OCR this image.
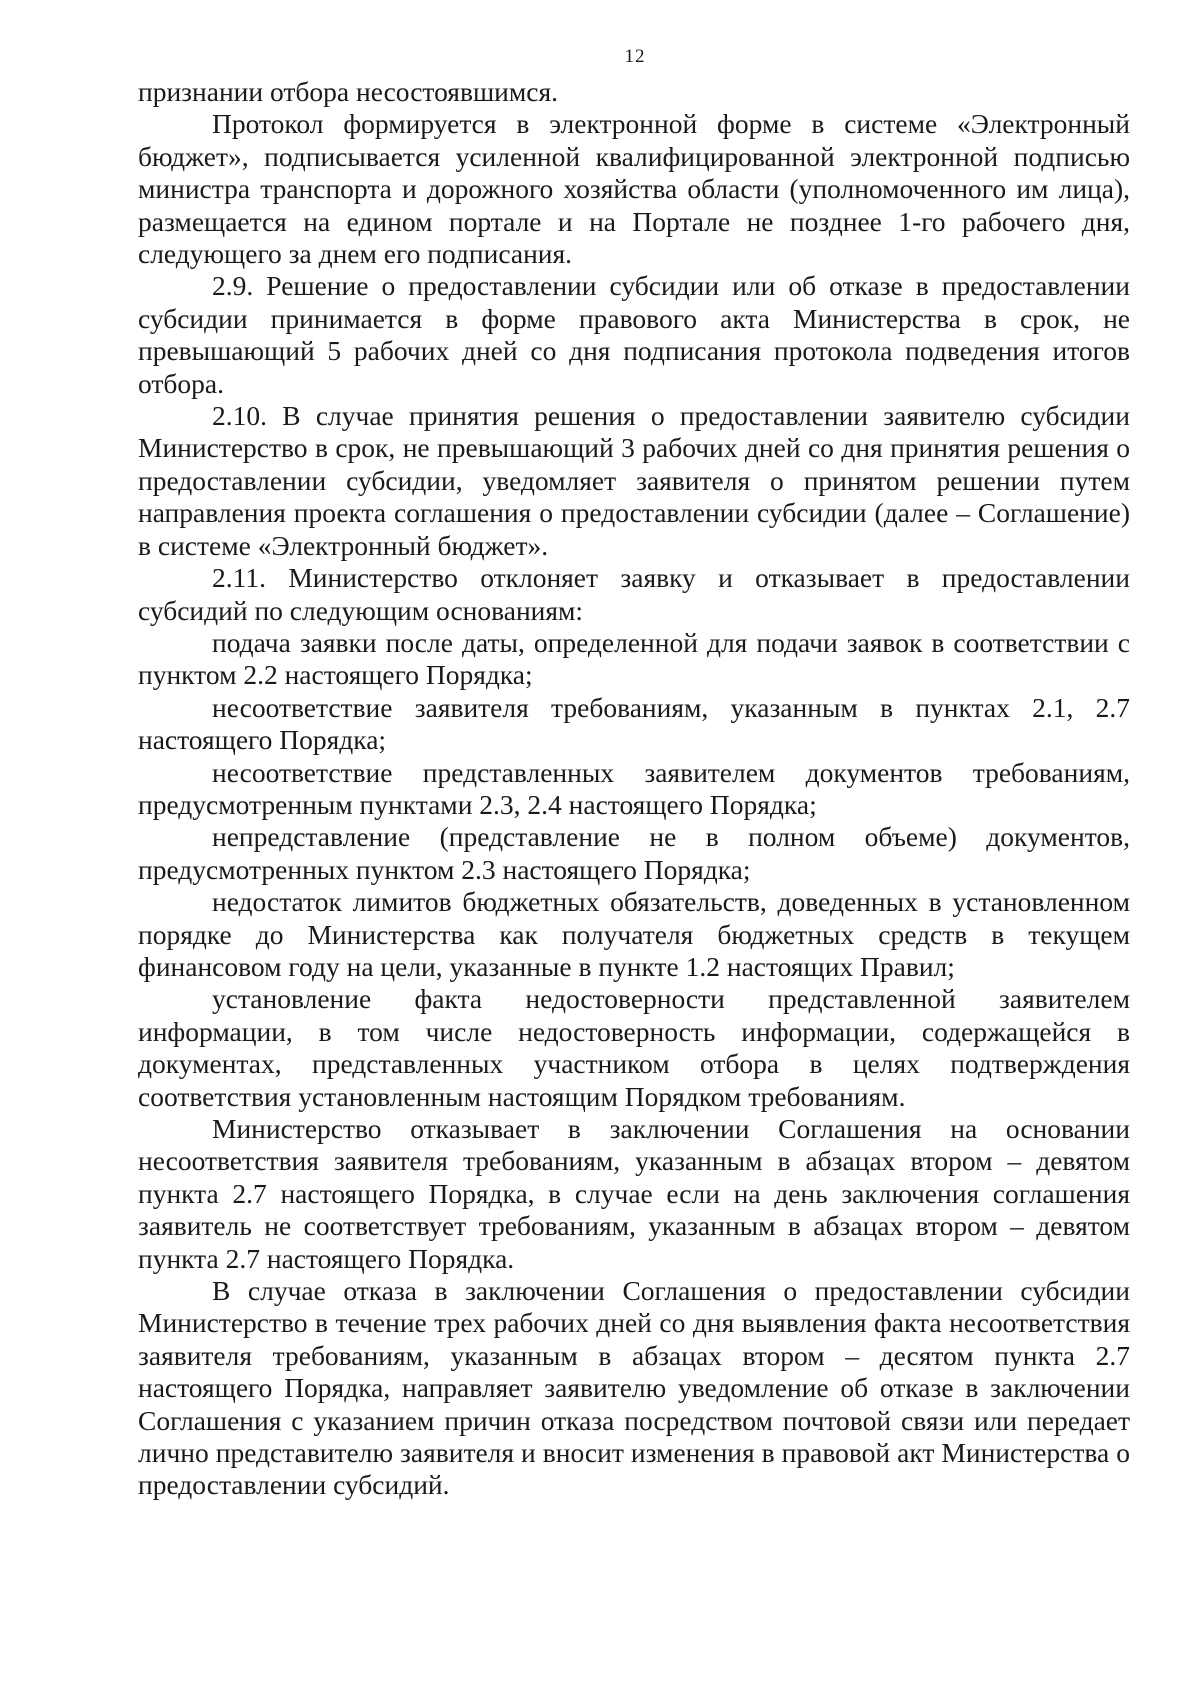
12

признании отбора несостоявшимся.

Протокол формируется в электронной форме в системе «Электронный бюджет», подписывается усиленной квалифицированной электронной подписью министра транспорта и дорожного хозяйства области (уполномоченного им лица), размещается на едином портале и на Портале не позднее 1-го рабочего дня, следующего за днем его подписания.

2.9. Решение о предоставлении субсидии или об отказе в предоставлении субсидии принимается в форме правового акта Министерства в срок, не превышающий 5 рабочих дней со дня подписания протокола подведения итогов отбора.

2.10. В случае принятия решения о предоставлении заявителю субсидии Министерство в срок, не превышающий 3 рабочих дней со дня принятия решения о предоставлении субсидии, уведомляет заявителя о принятом решении путем направления проекта соглашения о предоставлении субсидии (далее – Соглашение) в системе «Электронный бюджет».

2.11. Министерство отклоняет заявку и отказывает в предоставлении субсидий по следующим основаниям:

подача заявки после даты, определенной для подачи заявок в соответствии с пунктом 2.2 настоящего Порядка;

несоответствие заявителя требованиям, указанным в пунктах 2.1, 2.7 настоящего Порядка;

несоответствие представленных заявителем документов требованиям, предусмотренным пунктами 2.3, 2.4 настоящего Порядка;

непредставление (представление не в полном объеме) документов, предусмотренных пунктом 2.3 настоящего Порядка;

недостаток лимитов бюджетных обязательств, доведенных в установленном порядке до Министерства как получателя бюджетных средств в текущем финансовом году на цели, указанные в пункте 1.2 настоящих Правил;

установление факта недостоверности представленной заявителем информации, в том числе недостоверность информации, содержащейся в документах, представленных участником отбора в целях подтверждения соответствия установленным настоящим Порядком требованиям.

Министерство отказывает в заключении Соглашения на основании несоответствия заявителя требованиям, указанным в абзацах втором – девятом пункта 2.7 настоящего Порядка, в случае если на день заключения соглашения заявитель не соответствует требованиям, указанным в абзацах втором – девятом пункта 2.7 настоящего Порядка.

В случае отказа в заключении Соглашения о предоставлении субсидии Министерство в течение трех рабочих дней со дня выявления факта несоответствия заявителя требованиям, указанным в абзацах втором – десятом пункта 2.7 настоящего Порядка, направляет заявителю уведомление об отказе в заключении Соглашения с указанием причин отказа посредством почтовой связи или передает лично представителю заявителя и вносит изменения в правовой акт Министерства о предоставлении субсидий.
